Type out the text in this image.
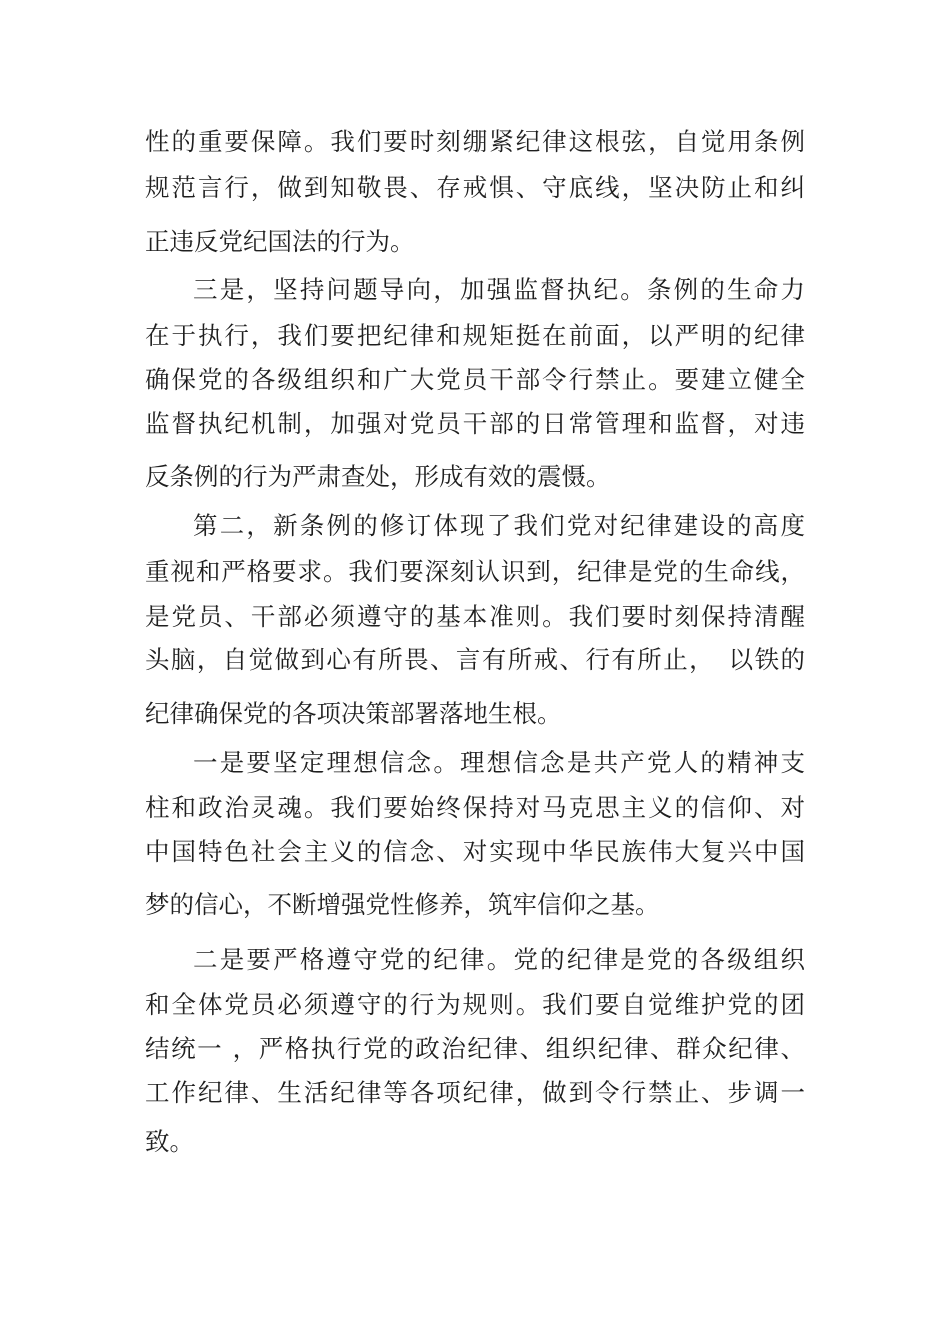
性的重要保障。我们要时刻绷紧纪律这根弦，自觉用条例
规范言行，做到知敬畏、存戒惧、守底线，坚决防止和纠
正违反党纪国法的行为。
三是，坚持问题导向，加强监督执纪。条例的生命力
在于执行，我们要把纪律和规矩挺在前面，以严明的纪律
确保党的各级组织和广大党员干部令行禁止。要建立健全
监督执纪机制，加强对党员干部的日常管理和监督，对违
反条例的行为严肃查处，形成有效的震慑。
第二，新条例的修订体现了我们党对纪律建设的高度
重视和严格要求。我们要深刻认识到，纪律是党的生命线，
是党员、干部必须遵守的基本准则。我们要时刻保持清醒
头脑，自觉做到心有所畏、言有所戒、行有所止，　以铁的
纪律确保党的各项决策部署落地生根。
一是要坚定理想信念。理想信念是共产党人的精神支
柱和政治灵魂。我们要始终保持对马克思主义的信仰、对
中国特色社会主义的信念、对实现中华民族伟大复兴中国
梦的信心，不断增强党性修养，筑牢信仰之基。
二是要严格遵守党的纪律。党的纪律是党的各级组织
和全体党员必须遵守的行为规则。我们要自觉维护党的团
结统一 ，严格执行党的政治纪律、组织纪律、群众纪律、
工作纪律、生活纪律等各项纪律，做到令行禁止、步调一
致。
